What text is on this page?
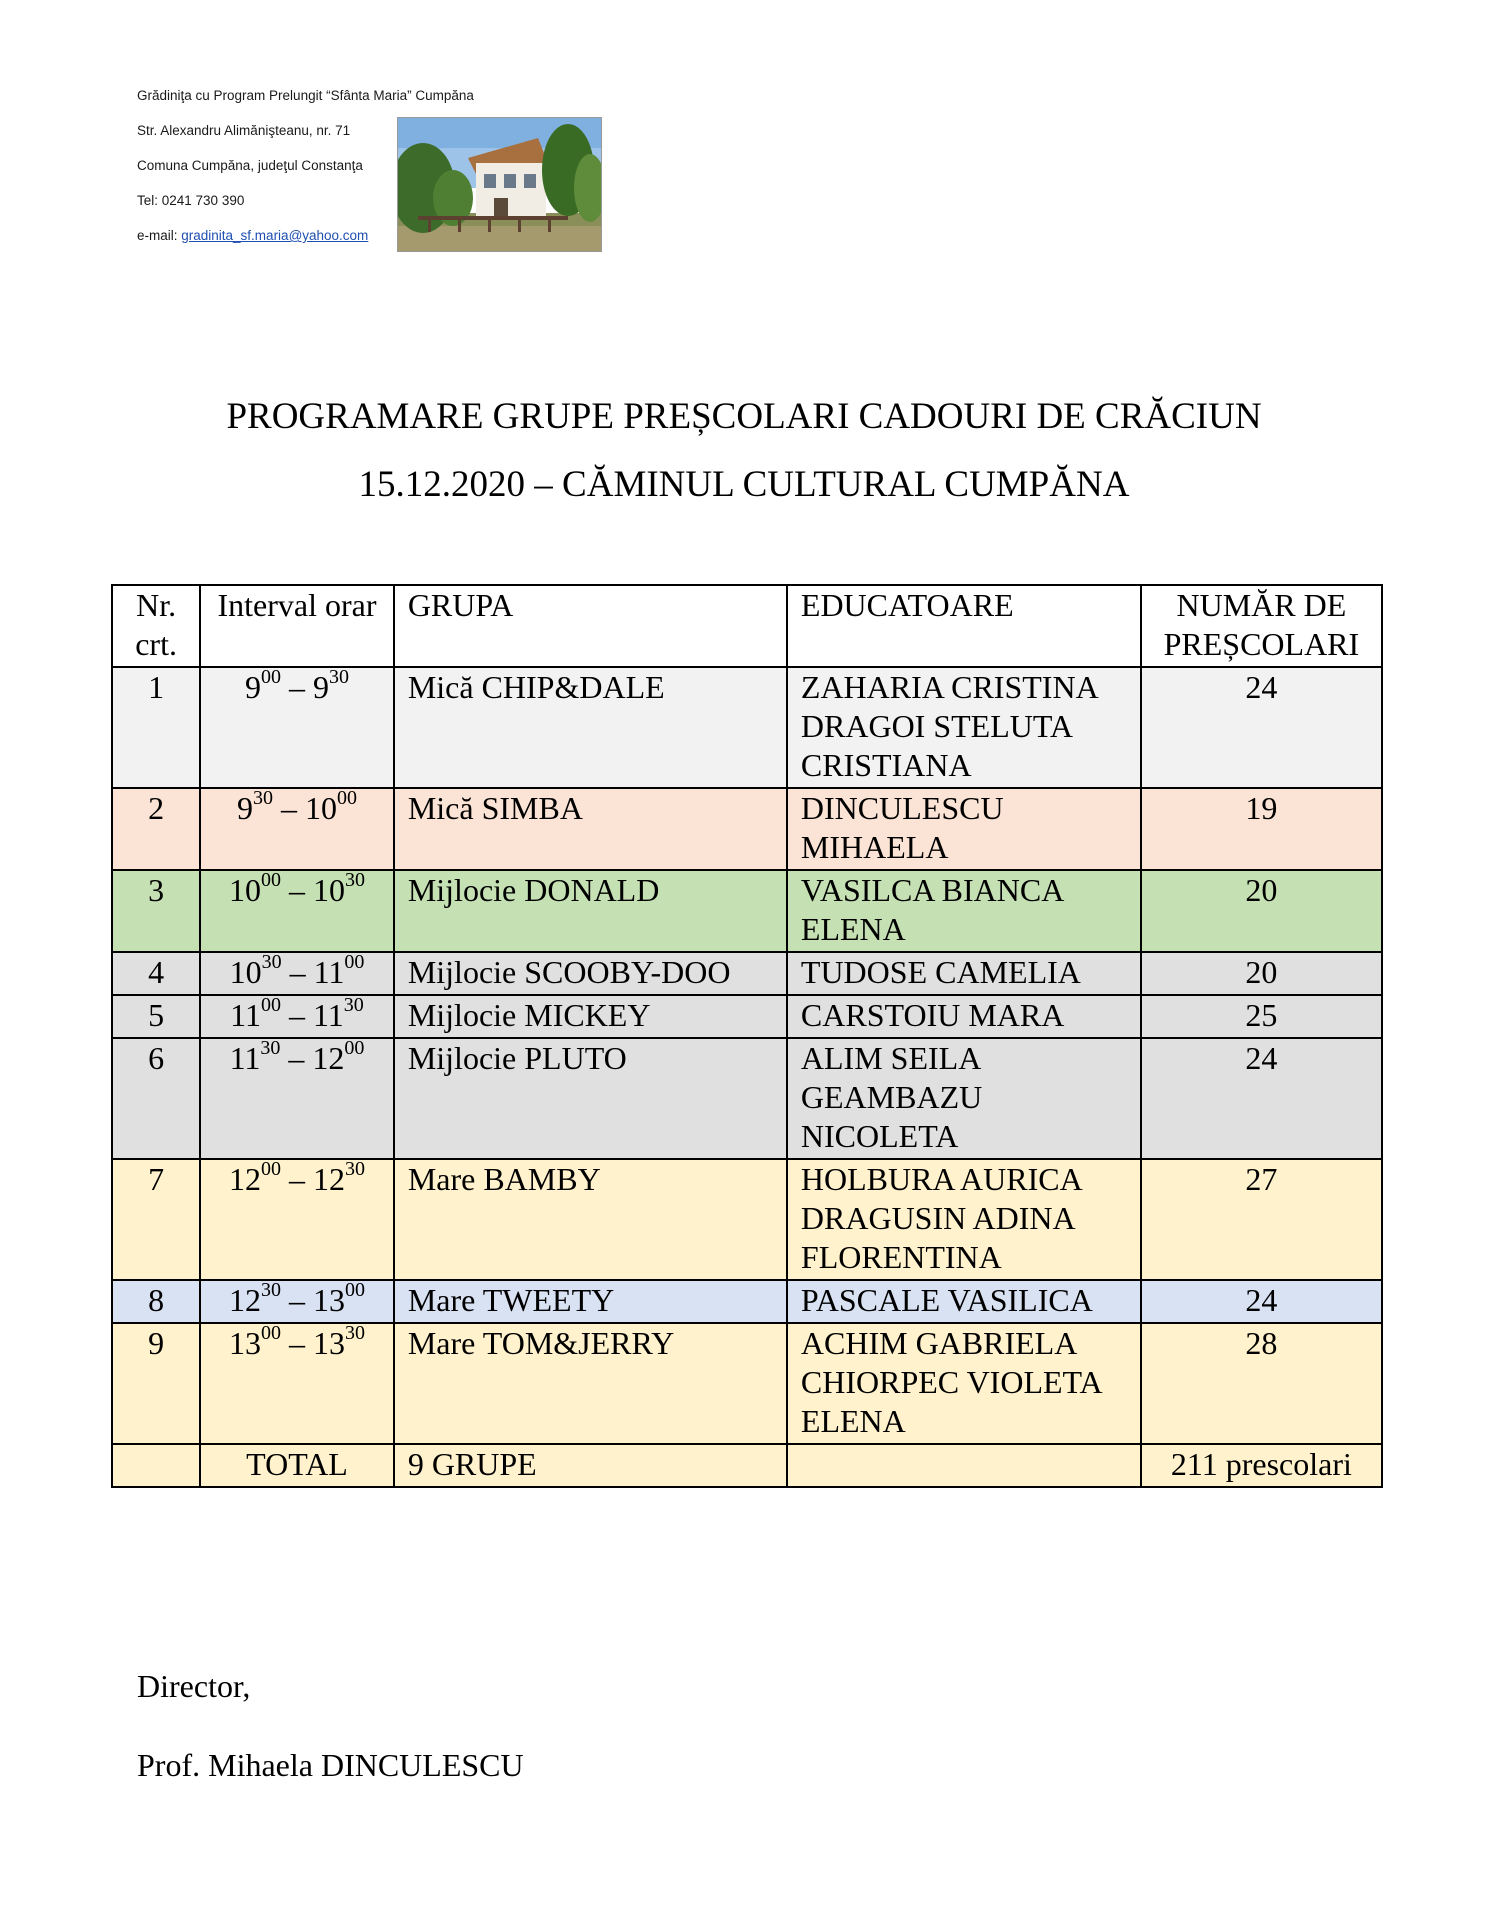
Grădiniţa cu Program Prelungit “Sfânta Maria” Cumpăna
Str. Alexandru Alimănişteanu, nr. 71
Comuna Cumpăna, judeţul Constanţa
Tel: 0241 730 390
e-mail: gradinita_sf.maria@yahoo.com
PROGRAMARE GRUPE PREȘCOLARI CADOURI DE CRĂCIUN
15.12.2020 – CĂMINUL CULTURAL CUMPĂNA
Nr. crt.	Interval orar	GRUPA	EDUCATOARE	NUMĂR DE PREȘCOLARI
1	$9^{00} - 9^{30}$	Mică CHIP&DALE	ZAHARIA CRISTINA DRAGOI STELUTA CRISTIANA	24
2	$9^{30} - 10^{00}$	Mică SIMBA	DINCULESCU MIHAELA	19
3	$10^{00} - 10^{30}$	Mijlocie DONALD	VASILCA BIANCA ELENA	20
4	$10^{30} - 11^{00}$	Mijlocie SCOOBY-DOO	TUDOSE CAMELIA	20
5	$11^{00} - 11^{30}$	Mijlocie MICKEY	CARSTOIU MARA	25
6	$11^{30} - 12^{00}$	Mijlocie PLUTO	ALIM SEILA GEAMBAZU NICOLETA	24
7	$12^{00} - 12^{30}$	Mare BAMBY	HOLBURA AURICA DRAGUSIN ADINA FLORENTINA	27
8	$12^{30} - 13^{00}$	Mare TWEETY	PASCALE VASILICA	24
9	$13^{00} - 13^{30}$	Mare TOM&JERRY	ACHIM GABRIELA CHIORPEC VIOLETA ELENA	28
	TOTAL	9 GRUPE		211 prescolari
Director,
Prof. Mihaela DINCULESCU
